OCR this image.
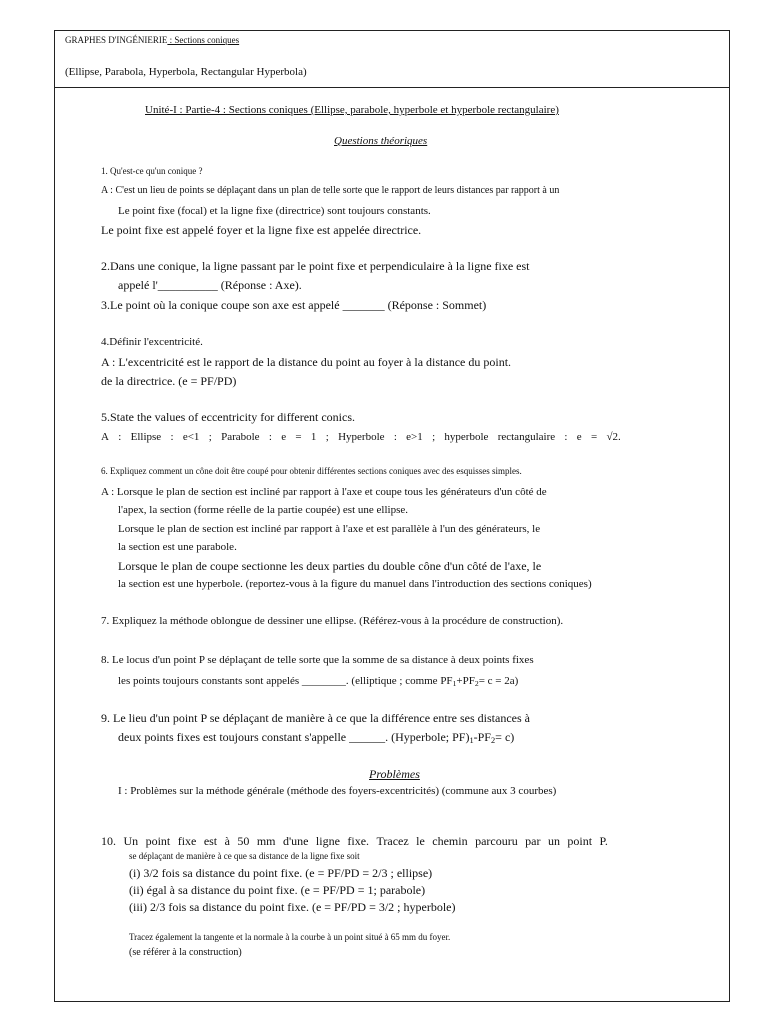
GRAPHES D'INGÉNIERIE : Sections coniques
(Ellipse, Parabola, Hyperbola, Rectangular Hyperbola)
Unité-I : Partie-4 : Sections coniques (Ellipse, parabole, hyperbole et hyperbole rectangulaire)
Questions théoriques
1. Qu'est-ce qu'un conique ?
A : C'est un lieu de points se déplaçant dans un plan de telle sorte que le rapport de leurs distances par rapport à un
Le point fixe (focal) et la ligne fixe (directrice) sont toujours constants.
Le point fixe est appelé foyer et la ligne fixe est appelée directrice.
2.Dans une conique, la ligne passant par le point fixe et perpendiculaire à la ligne fixe est
appelé l'__________ (Réponse : Axe).
3.Le point où la conique coupe son axe est appelé _______ (Réponse : Sommet)
4.Définir l'excentricité.
A : L'excentricité est le rapport de la distance du point au foyer à la distance du point.
de la directrice. (e = PF/PD)
5.State the values of eccentricity for different conics.
A : Ellipse : e<1 ; Parabole : e = 1 ; Hyperbole : e>1 ; hyperbole rectangulaire : e = √2.
6. Expliquez comment un cône doit être coupé pour obtenir différentes sections coniques avec des esquisses simples.
A : Lorsque le plan de section est incliné par rapport à l'axe et coupe tous les générateurs d'un côté de
l'apex, la section (forme réelle de la partie coupée) est une ellipse.
Lorsque le plan de section est incliné par rapport à l'axe et est parallèle à l'un des générateurs, le
la section est une parabole.
Lorsque le plan de coupe sectionne les deux parties du double cône d'un côté de l'axe, le
la section est une hyperbole. (reportez-vous à la figure du manuel dans l'introduction des sections coniques)
7. Expliquez la méthode oblongue de dessiner une ellipse. (Référez-vous à la procédure de construction).
8. Le locus d'un point P se déplaçant de telle sorte que la somme de sa distance à deux points fixes
les points toujours constants sont appelés ________. (elliptique ; comme $PF_1+PF_2= c = 2a$)
9. Le lieu d'un point P se déplaçant de manière à ce que la différence entre ses distances à
deux points fixes est toujours constant s'appelle ______. (Hyperbole; $PF)_1-PF_2= c$)
Problèmes
I : Problèmes sur la méthode générale (méthode des foyers-excentricités) (commune aux 3 courbes)
10. Un point fixe est à 50 mm d'une ligne fixe. Tracez le chemin parcouru par un point P.
se déplaçant de manière à ce que sa distance de la ligne fixe soit
(i) 3/2 fois sa distance du point fixe. (e = PF/PD = 2/3 ; ellipse)
(ii) égal à sa distance du point fixe. (e = PF/PD = 1; parabole)
(iii) 2/3 fois sa distance du point fixe. (e = PF/PD = 3/2 ; hyperbole)
Tracez également la tangente et la normale à la courbe à un point situé à 65 mm du foyer.
(se référer à la construction)
